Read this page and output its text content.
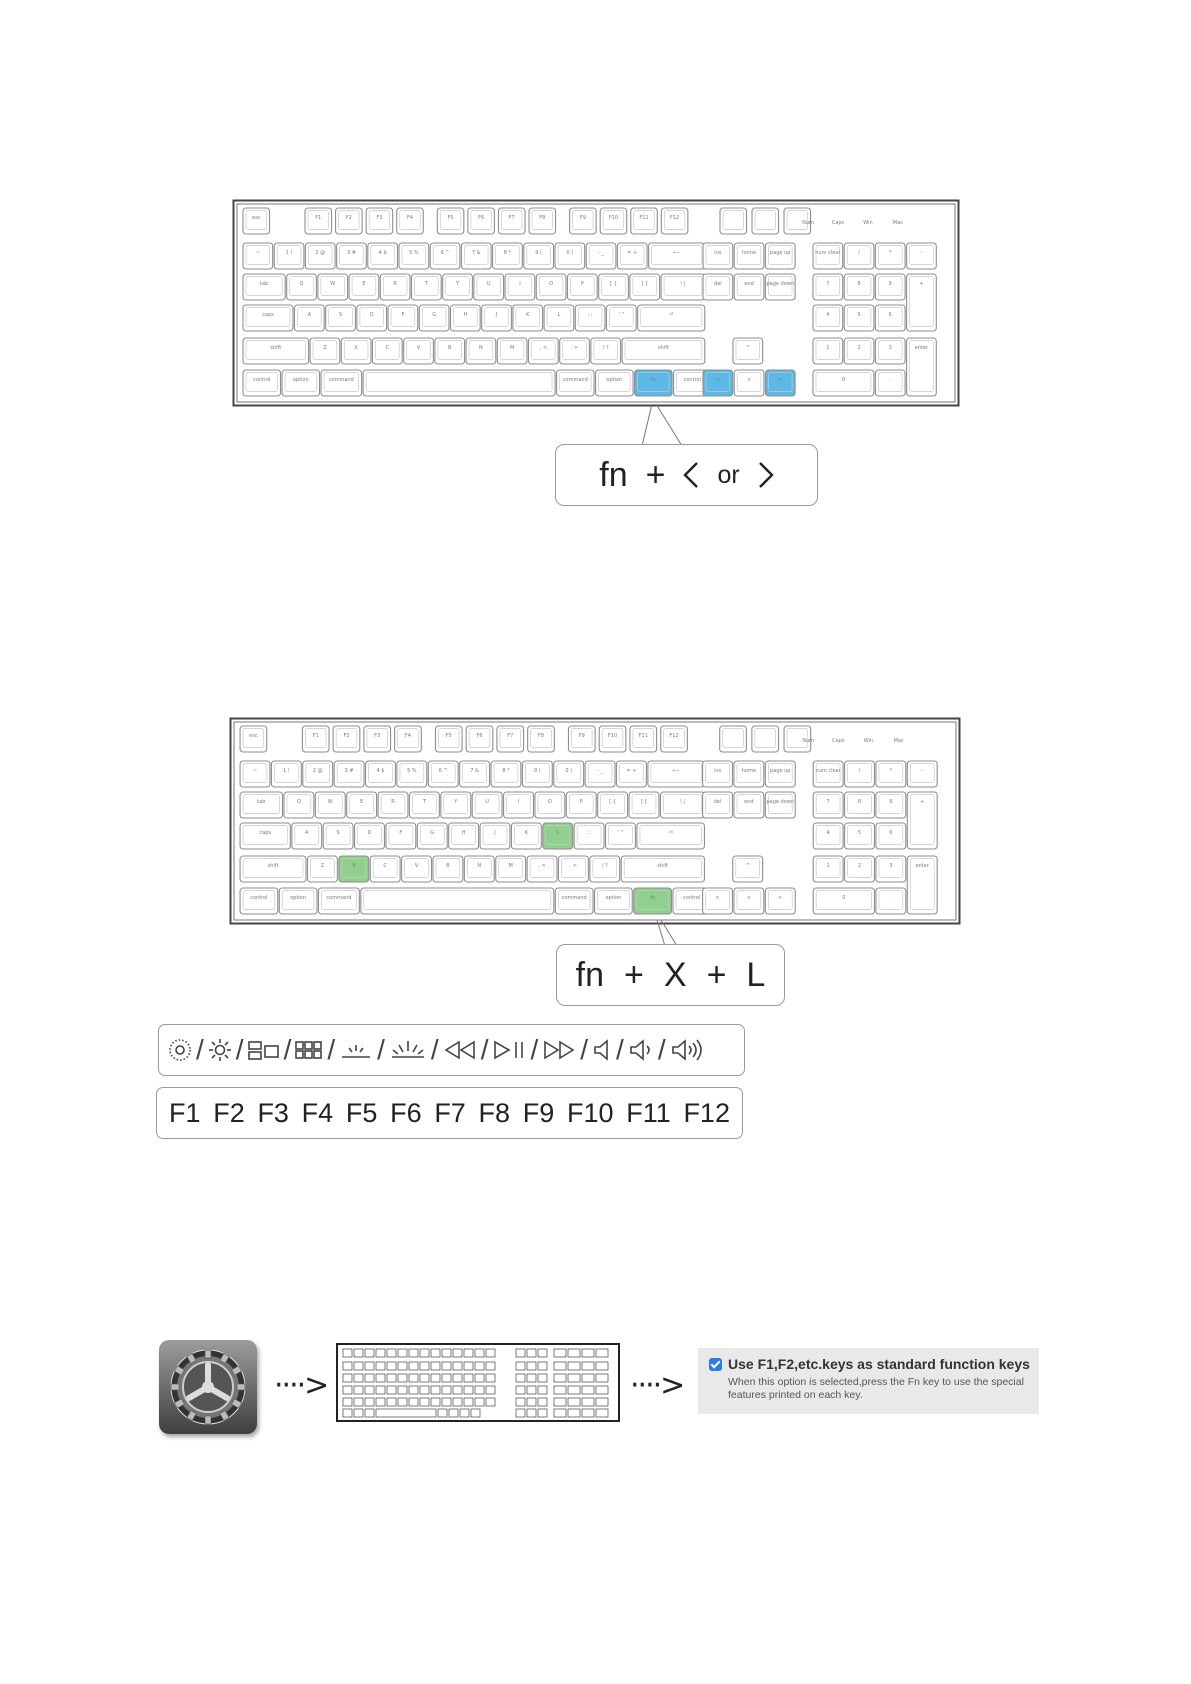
esc	F1	F2	F3	F4	F5	F6	F7	F8	F9	F10	F11	F12
Num	Caps	Win	Mac
~	1 !	2 @	3 #	4 $	5 %	6 ^	7 &	8 *	9 (	0 )	- _	= +	⟵
tab	Q	W	E	R	T	Y	U	I	O	P	[ {	] }	\ |
caps	A	S	D	F	G	H	J	K	L	; :	' "	⏎
shift	Z	X	C	V	B	N	M	, <	. >	/ ?	shift
control	option	command	command	option	fn	control
ins	home	page up
del	end	page down
^
<	v	>
num clear	/	*	-
7	8	9
4	5	6
1	2	3
0	.
+
enter
fn + or
esc	F1	F2	F3	F4	F5	F6	F7	F8	F9	F10	F11	F12
Num	Caps	Win	Mac
~	1 !	2 @	3 #	4 $	5 %	6 ^	7 &	8 *	9 (	0 )	- _	= +	⟵
tab	Q	W	E	R	T	Y	U	I	O	P	[ {	] }	\ |
caps	A	S	D	F	G	H	J	K	L	; :	' "	⏎
shift	Z	X	C	V	B	N	M	, <	. >	/ ?	shift
control	option	command	command	option	fn	control
ins	home	page up
del	end	page down
^
<	v	>
num clear	/	*	-
7	8	9
4	5	6
1	2	3
0	.
+
enter
fn + X + L
/ / / / / / / / / / /
F1 F2 F3 F4 F5 F6 F7 F8 F9 F10 F11 F12
····>	····>
Use F1,F2,etc.keys as standard function keys
When this option is selected,press the Fn key to use the special features printed on each key.
